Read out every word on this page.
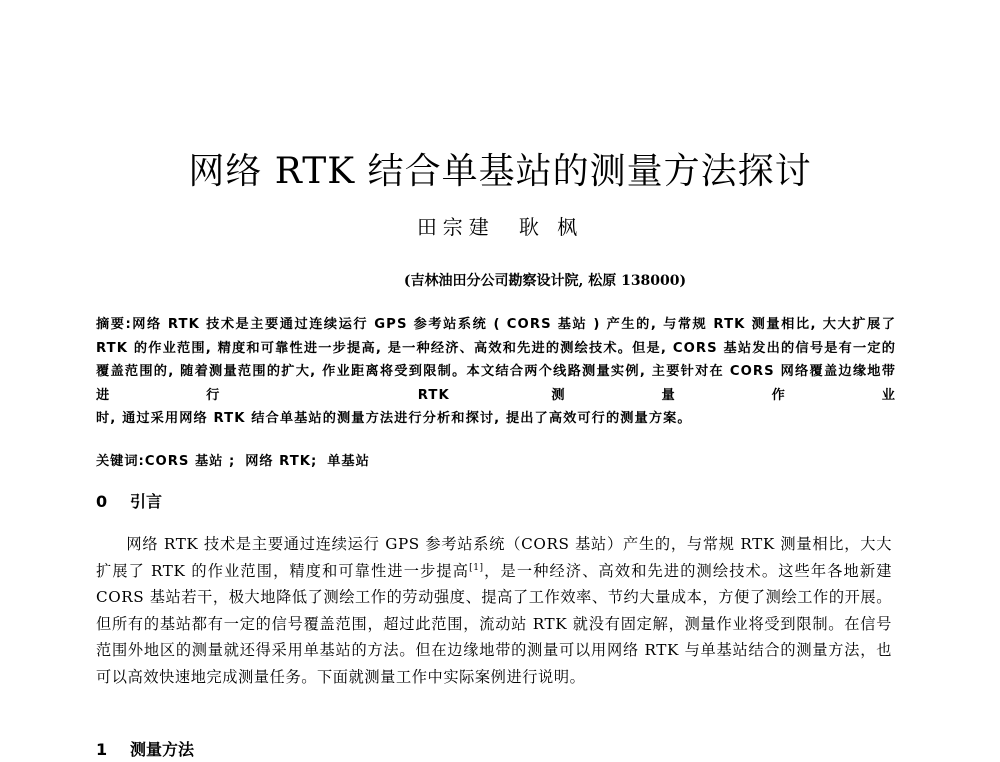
网络 RTK 结合单基站的测量方法探讨
田宗建 耿 枫
(吉林油田分公司勘察设计院, 松原 138000)
摘要:网络 RTK 技术是主要通过连续运行 GPS 参考站系统 ( CORS 基站 ) 产生的, 与常规 RTK 测量相比, 大大扩展了 RTK 的作业范围, 精度和可靠性进一步提高, 是一种经济、高效和先进的测绘技术。但是, CORS 基站发出的信号是有一定的覆盖范围的, 随着测量范围的扩大, 作业距离将受到限制。本文结合两个线路测量实例, 主要针对在 CORS 网络覆盖边缘地带进行 RTK 测量作业
时, 通过采用网络 RTK 结合单基站的测量方法进行分析和探讨, 提出了高效可行的测量方案。
关键词:CORS 基站 ; 网络 RTK; 单基站
0 引言
网络 RTK 技术是主要通过连续运行 GPS 参考站系统（CORS 基站）产生的，与常规 RTK 测量相比，大大扩展了 RTK 的作业范围，精度和可靠性进一步提高[1]，是一种经济、高效和先进的测绘技术。这些年各地新建 CORS 基站若干，极大地降低了测绘工作的劳动强度、提高了工作效率、节约大量成本，方便了测绘工作的开展。但所有的基站都有一定的信号覆盖范围，超过此范围，流动站 RTK 就没有固定解，测量作业将受到限制。在信号范围外地区的测量就还得采用单基站的方法。但在边缘地带的测量可以用网络 RTK 与单基站结合的测量方法，也可以高效快速地完成测量任务。下面就测量工作中实际案例进行说明。
1 测量方法
